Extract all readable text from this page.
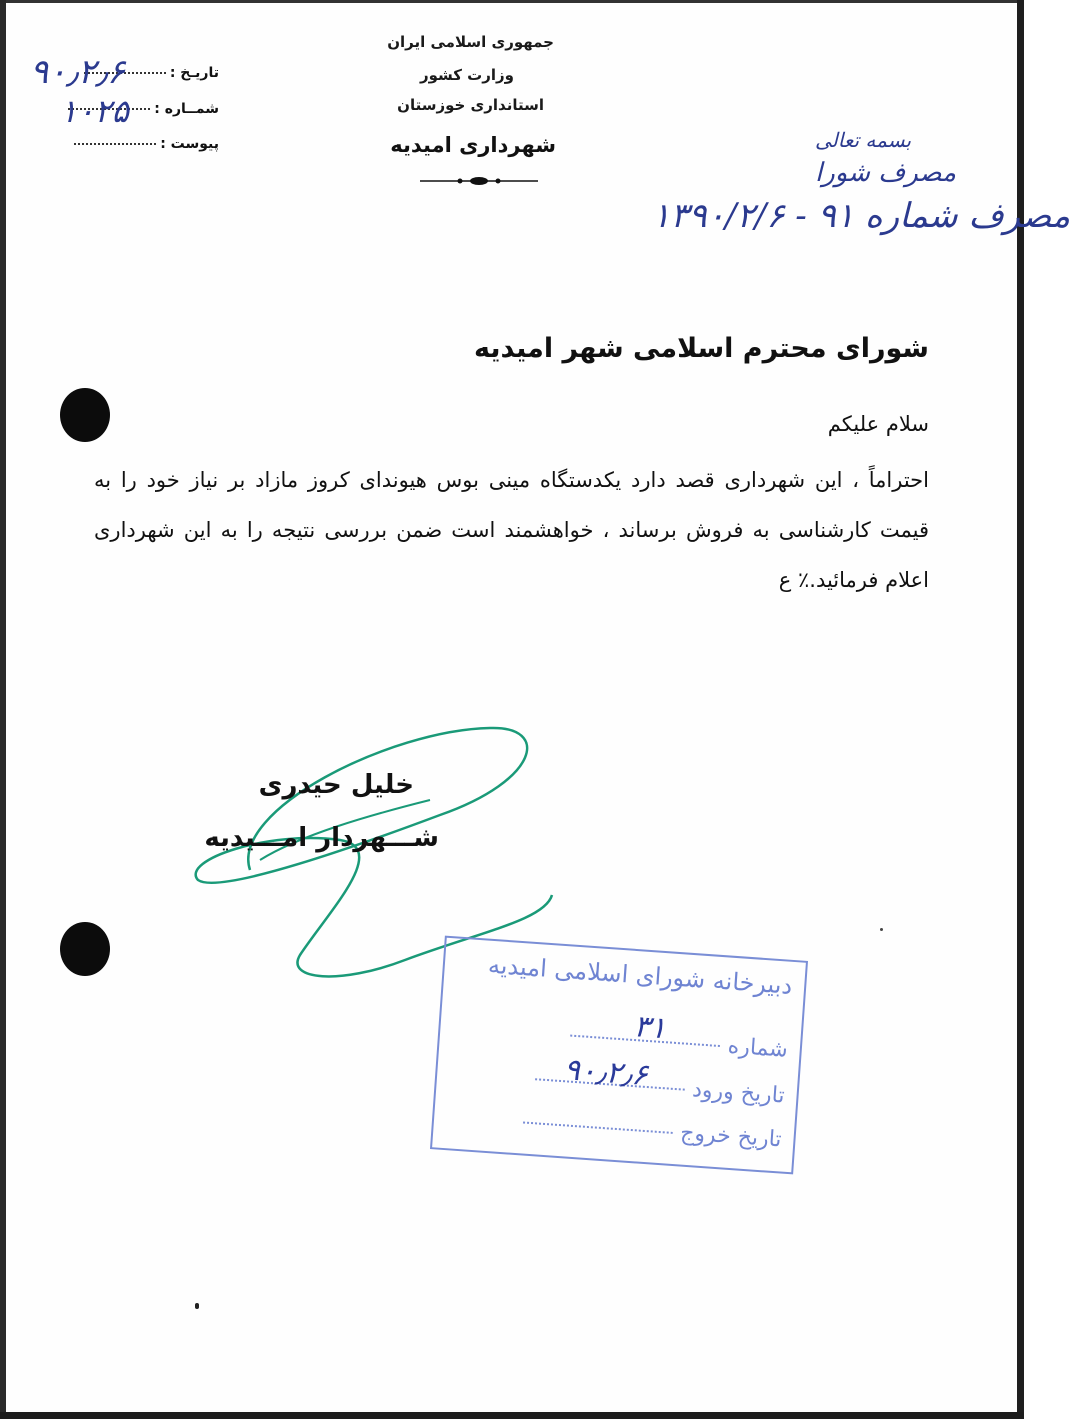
جمهوری اسلامی ایران
وزارت کشور
استانداری خوزستان
شهرداری امیدیه
تاریـخ :
شمــاره :
پیوست :
۹۰٫۲٫۶
۱۰۲۵
بسمه تعالی
مصرف شورا
مصرف شماره ۹۱ - ۱۳۹۰/۲/۶
شورای محترم اسلامی شهر امیدیه
سلام علیکم
احتراماً ، این شهرداری قصد دارد یکدستگاه مینی بوس هیوندای کروز مازاد بر نیاز خود را به قیمت کارشناسی به فروش برساند ، خواهشمند است ضمن بررسی نتیجه را به این شهرداری اعلام فرمائید.٪ ع
خلیل حیدری
شـــهردار امـــیدیه
دبیرخانه شورای اسلامی امیدیه
شماره
تاریخ ورود
تاریخ خروج
۳۱
۹۰٫۲٫۶
